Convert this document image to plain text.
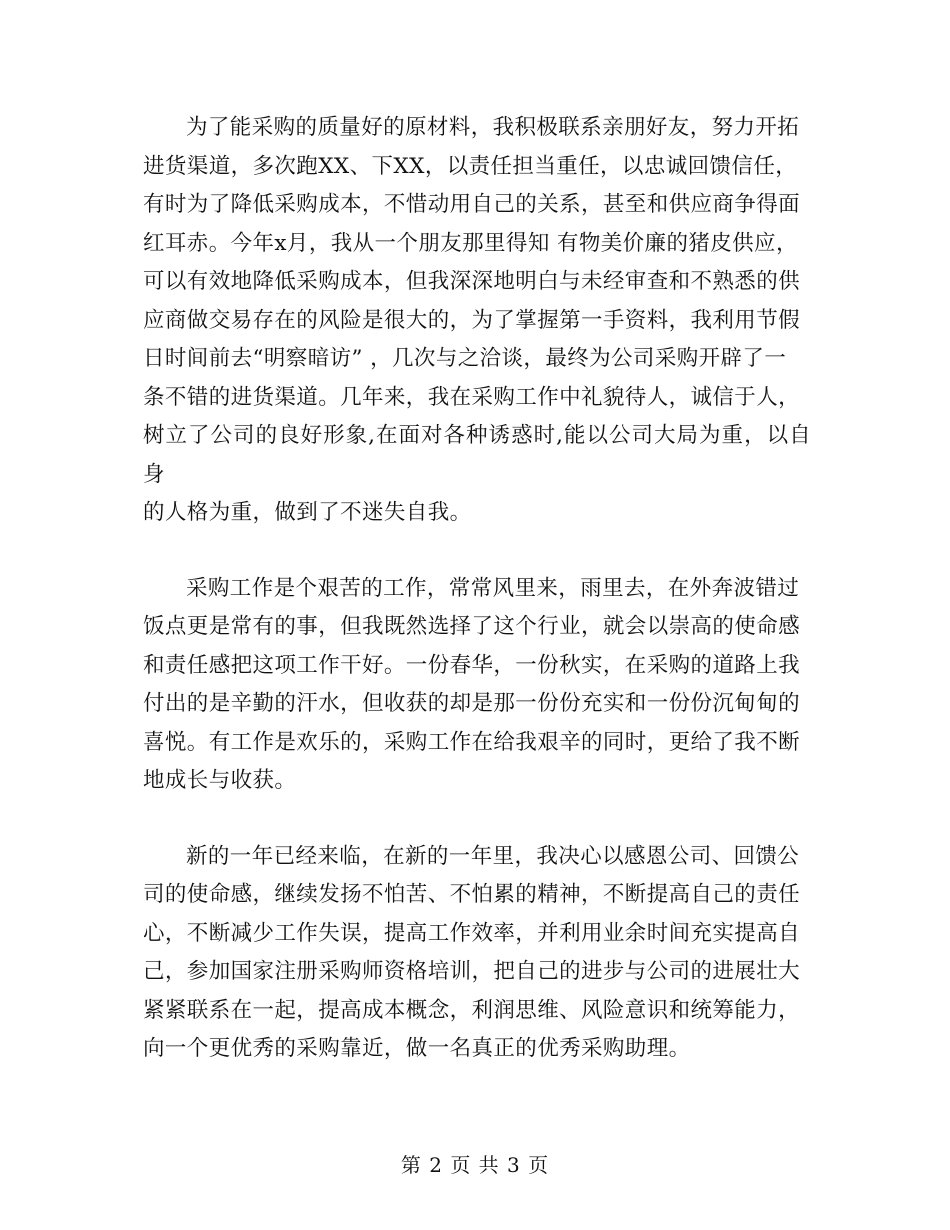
为了能采购的质量好的原材料，我积极联系亲朋好友，努力开拓
进货渠道，多次跑XX、下XX，以责任担当重任，以忠诚回馈信任，
有时为了降低采购成本，不惜动用自己的关系，甚至和供应商争得面
红耳赤。今年x月，我从一个朋友那里得知 有物美价廉的猪皮供应，
可以有效地降低采购成本，但我深深地明白与未经审查和不熟悉的供
应商做交易存在的风险是很大的，为了掌握第一手资料，我利用节假
日时间前去“明察暗访” ，几次与之洽谈，最终为公司采购开辟了一
条不错的进货渠道。几年来，我在采购工作中礼貌待人，诚信于人，
树立了公司的良好形象,在面对各种诱惑时,能以公司大局为重，以自身
的人格为重，做到了不迷失自我。

采购工作是个艰苦的工作，常常风里来，雨里去，在外奔波错过
饭点更是常有的事，但我既然选择了这个行业，就会以崇高的使命感
和责任感把这项工作干好。一份春华，一份秋实，在采购的道路上我
付出的是辛勤的汗水，但收获的却是那一份份充实和一份份沉甸甸的
喜悦。有工作是欢乐的，采购工作在给我艰辛的同时，更给了我不断
地成长与收获。

新的一年已经来临，在新的一年里，我决心以感恩公司、回馈公
司的使命感，继续发扬不怕苦、不怕累的精神，不断提高自己的责任
心，不断减少工作失误，提高工作效率，并利用业余时间充实提高自
己，参加国家注册采购师资格培训，把自己的进步与公司的进展壮大
紧紧联系在一起，提高成本概念，利润思维、风险意识和统筹能力，
向一个更优秀的采购靠近，做一名真正的优秀采购助理。

第 2 页 共 3 页
